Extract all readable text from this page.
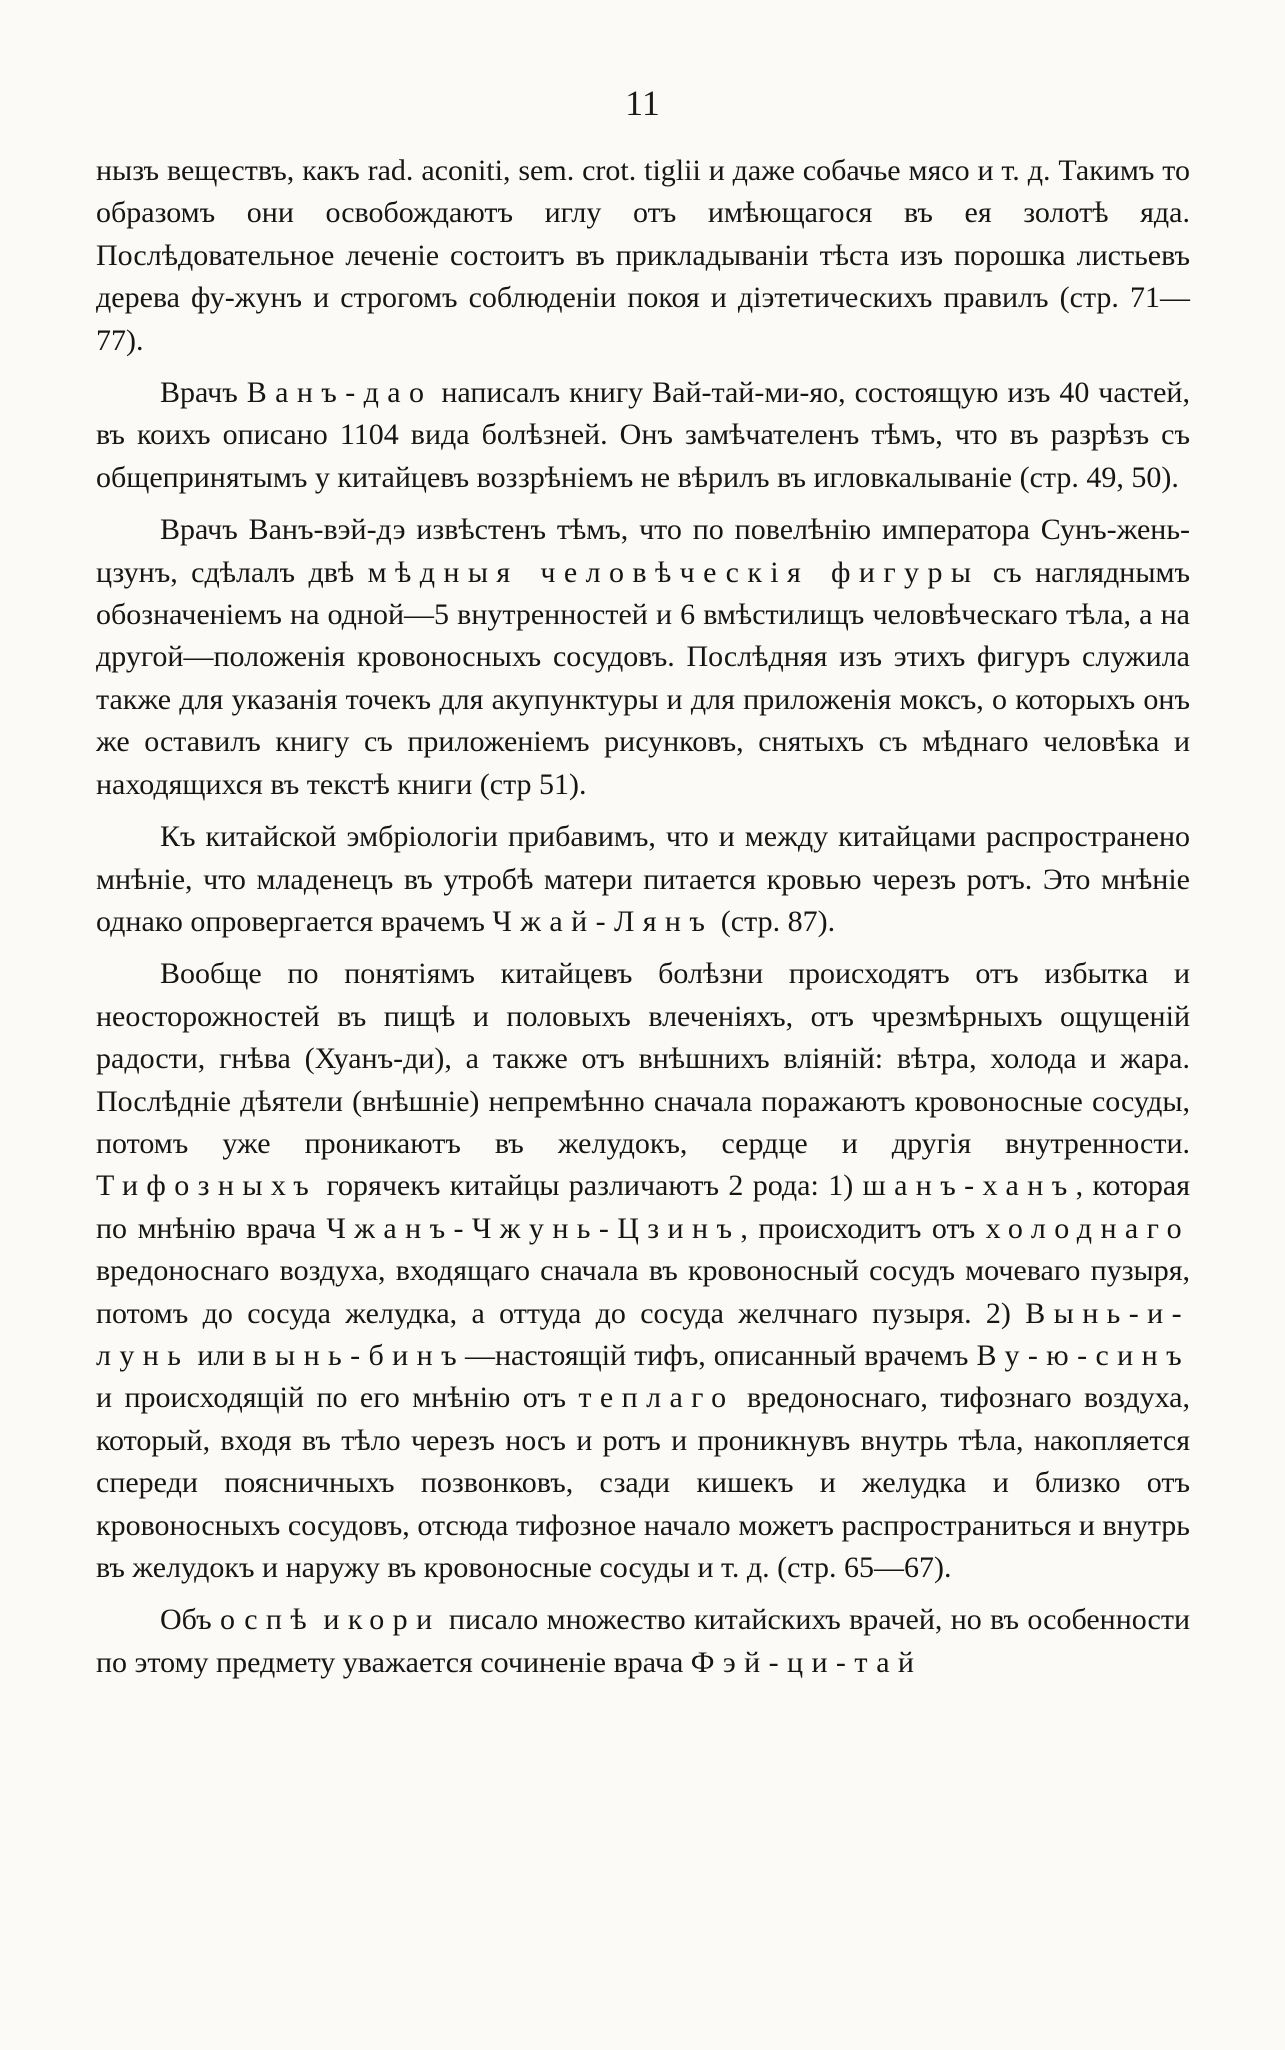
11

нызъ веществъ, какъ rad. aconiti, sem. crot. tiglii и даже собачье мясо и т. д. Такимъ то образомъ они освобождаютъ иглу отъ имѣющагося въ ея золотѣ яда. Послѣдовательное леченіе состоитъ въ прикладываніи тѣста изъ порошка листьевъ дерева фу-жунъ и строгомъ соблюденіи покоя и діэтетическихъ правилъ (стр. 71—77).

Врачъ Ванъ-дао написалъ книгу Вай-тай-ми-яо, состоящую изъ 40 частей, въ коихъ описано 1104 вида болѣзней. Онъ замѣчателенъ тѣмъ, что въ разрѣзъ съ общепринятымъ у китайцевъ воззрѣніемъ не вѣрилъ въ игловкалываніе (стр. 49, 50).

Врачъ Ванъ-вэй-дэ извѣстенъ тѣмъ, что по повелѣнію императора Сунъ-жень-цзунъ, сдѣлалъ двѣ мѣдныя человѣческія фигуры съ нагляднымъ обозначеніемъ на одной—5 внутренностей и 6 вмѣстилищъ человѣческаго тѣла, а на другой—положенія кровоносныхъ сосудовъ. Послѣдняя изъ этихъ фигуръ служила также для указанія точекъ для акупунктуры и для приложенія моксъ, о которыхъ онъ же оставилъ книгу съ приложеніемъ рисунковъ, снятыхъ съ мѣднаго человѣка и находящихся въ текстѣ книги (стр 51).

Къ китайской эмбріологіи прибавимъ, что и между китайцами распространено мнѣніе, что младенецъ въ утробѣ матери питается кровью черезъ ротъ. Это мнѣніе однако опровергается врачемъ Чжай-Лянъ (стр. 87).

Вообще по понятіямъ китайцевъ болѣзни происходятъ отъ избытка и неосторожностей въ пищѣ и половыхъ влеченіяхъ, отъ чрезмѣрныхъ ощущеній радости, гнѣва (Хуанъ-ди), а также отъ внѣшнихъ вліяній: вѣтра, холода и жара. Послѣдніе дѣятели (внѣшніе) непремѣнно сначала поражаютъ кровоносные сосуды, потомъ уже проникаютъ въ желудокъ, сердце и другія внутренности. Тифозныхъ горячекъ китайцы различаютъ 2 рода: 1) шанъ-ханъ, которая по мнѣнію врача Чжанъ-Чжунь-Цзинъ, происходитъ отъ холоднаго вредоноснаго воздуха, входящаго сначала въ кровоносный сосудъ мочеваго пузыря, потомъ до сосуда желудка, а оттуда до сосуда желчнаго пузыря. 2) Вынь-и-лунь или вынь-бинъ—настоящій тифъ, описанный врачемъ Ву-ю-синъ и происходящій по его мнѣнію отъ теплаго вредоноснаго, тифознаго воздуха, который, входя въ тѣло черезъ носъ и ротъ и проникнувъ внутрь тѣла, накопляется спереди поясничныхъ позвонковъ, сзади кишекъ и желудка и близко отъ кровоносныхъ сосудовъ, отсюда тифозное начало можетъ распространиться и внутрь въ желудокъ и наружу въ кровоносные сосуды и т. д. (стр. 65—67).

Объ оспѣ и кори писало множество китайскихъ врачей, но въ особенности по этому предмету уважается сочиненіе врача Фэй-ци-тай
